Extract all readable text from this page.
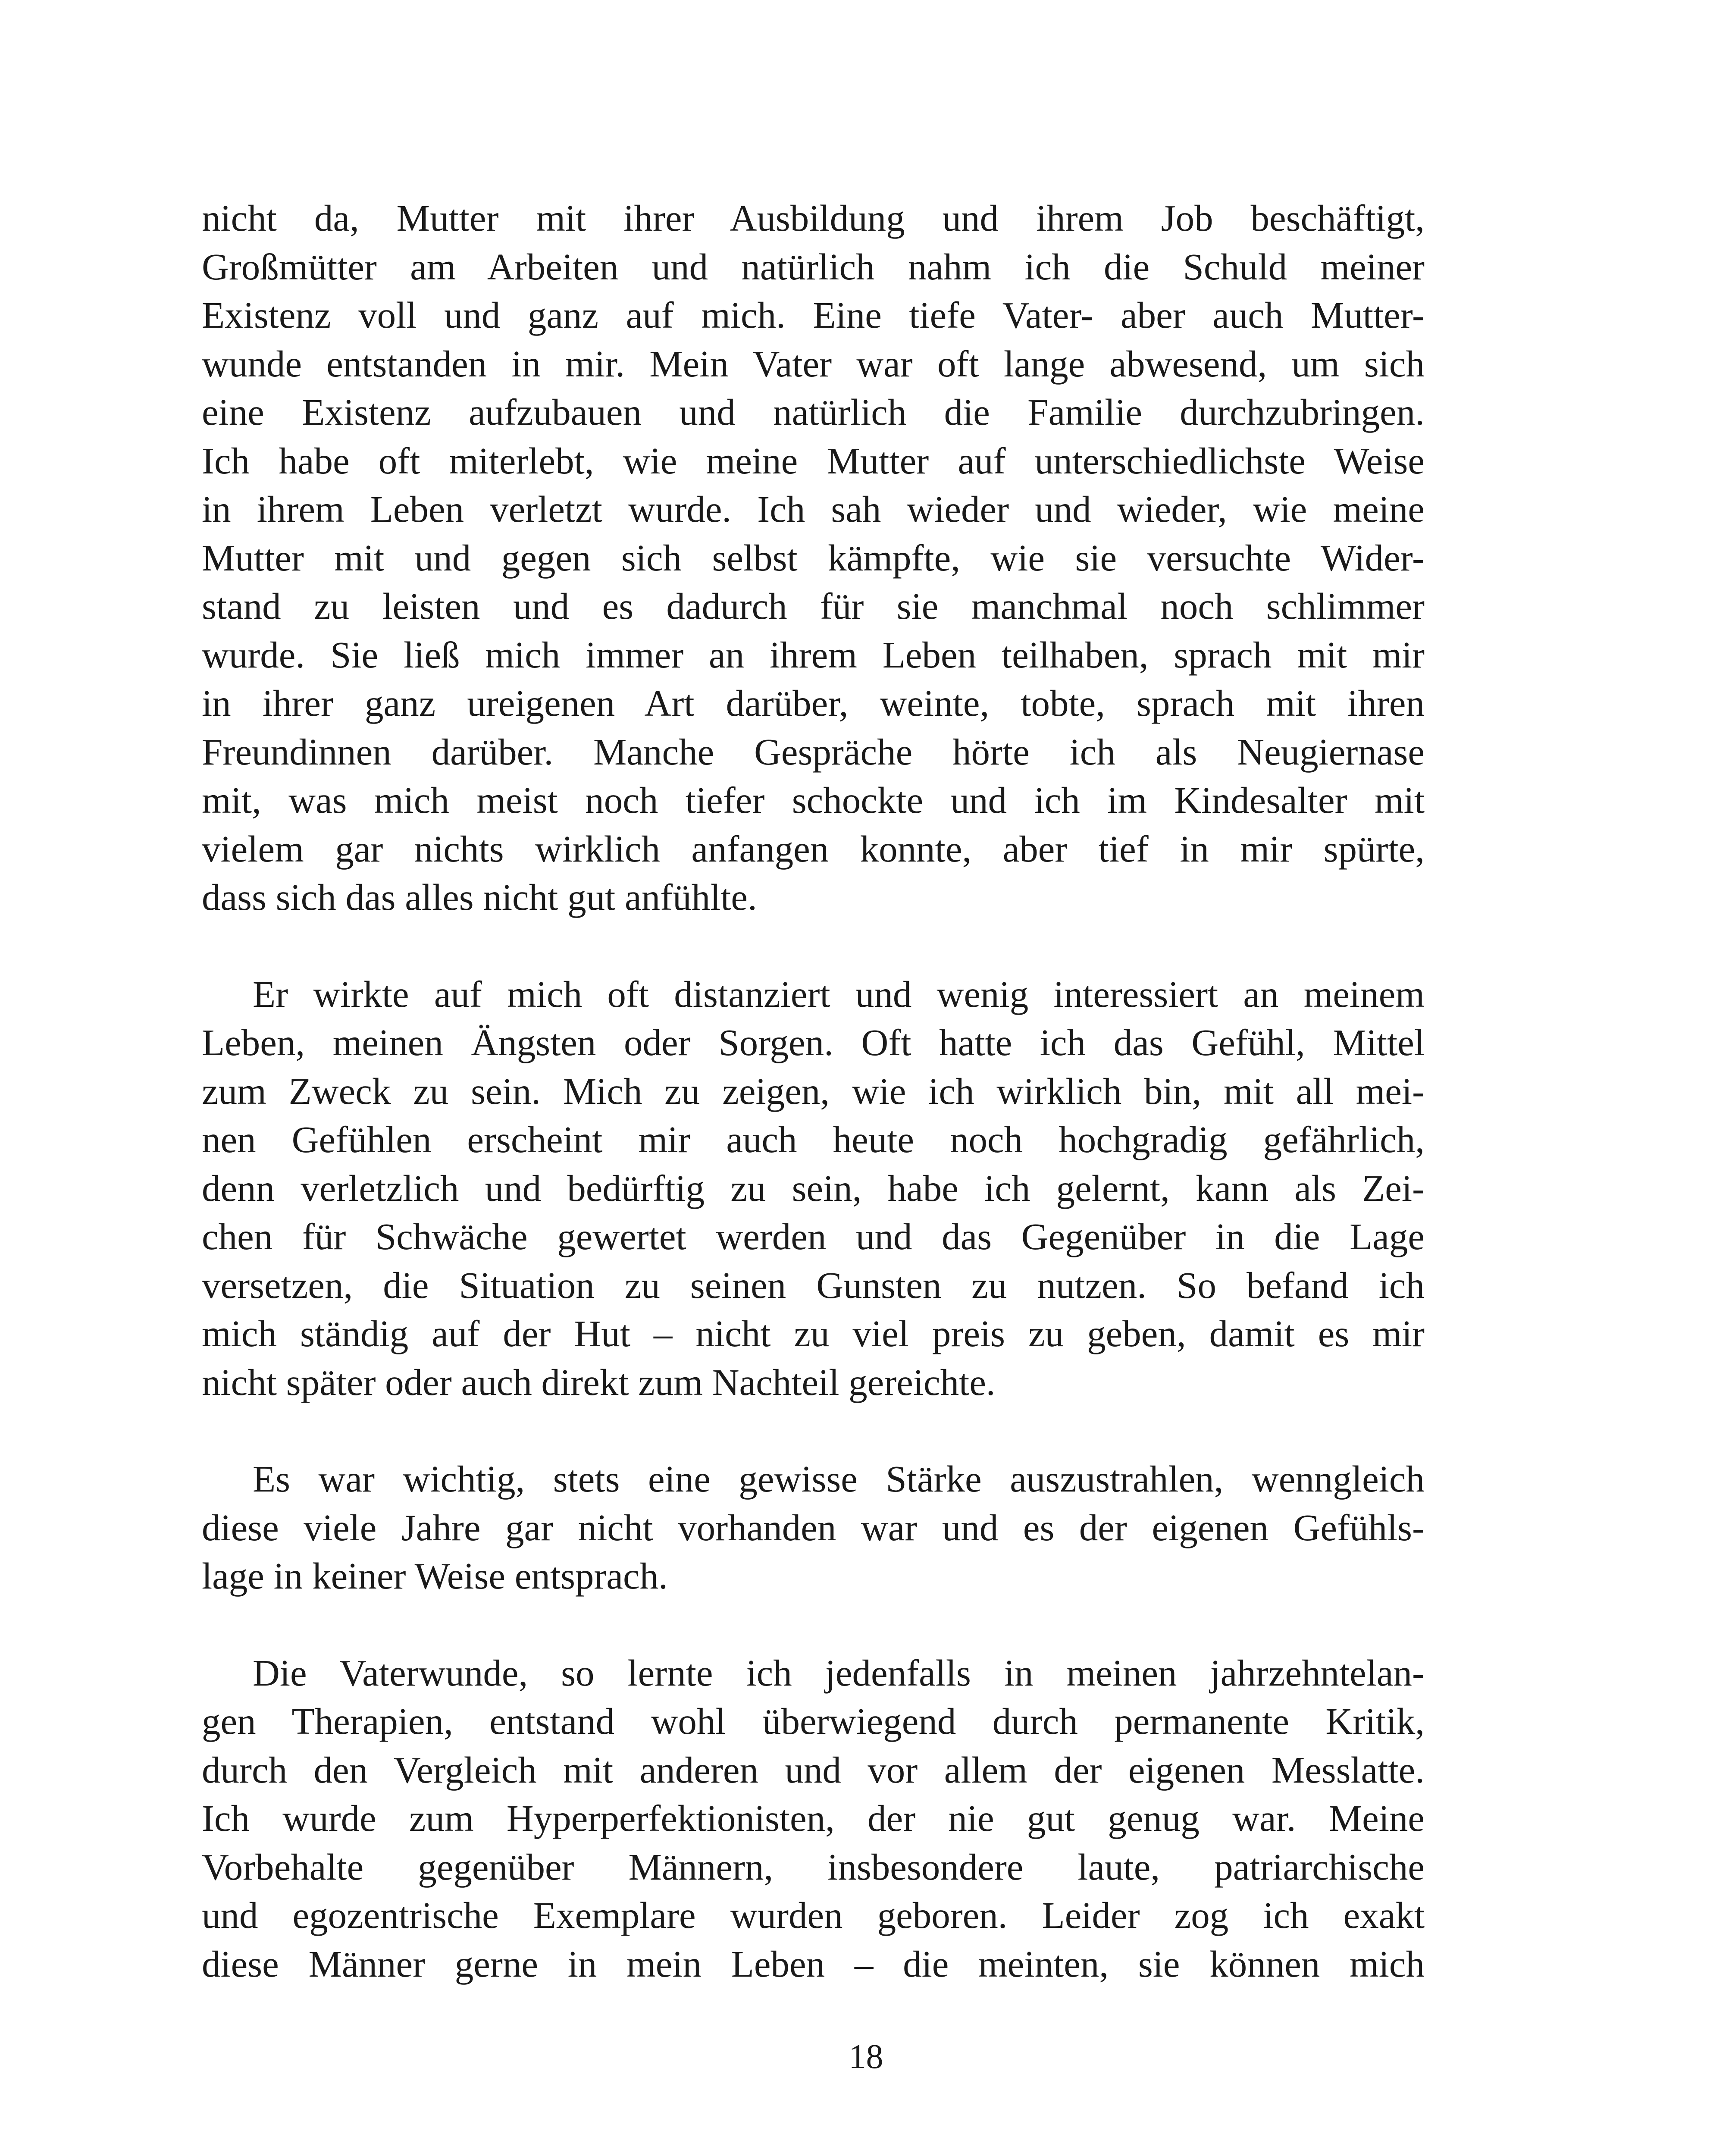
nicht da, Mutter mit ihrer Ausbildung und ihrem Job beschäftigt,
Großmütter am Arbeiten und natürlich nahm ich die Schuld meiner
Existenz voll und ganz auf mich. Eine tiefe Vater- aber auch Mutter-
wunde entstanden in mir. Mein Vater war oft lange abwesend, um sich
eine Existenz aufzubauen und natürlich die Familie durchzubringen.
Ich habe oft miterlebt, wie meine Mutter auf unterschiedlichste Weise
in ihrem Leben verletzt wurde. Ich sah wieder und wieder, wie meine
Mutter mit und gegen sich selbst kämpfte, wie sie versuchte Wider-
stand zu leisten und es dadurch für sie manchmal noch schlimmer
wurde. Sie ließ mich immer an ihrem Leben teilhaben, sprach mit mir
in ihrer ganz ureigenen Art darüber, weinte, tobte, sprach mit ihren
Freundinnen darüber. Manche Gespräche hörte ich als Neugiernase
mit, was mich meist noch tiefer schockte und ich im Kindesalter mit
vielem gar nichts wirklich anfangen konnte, aber tief in mir spürte,
dass sich das alles nicht gut anfühlte.
Er wirkte auf mich oft distanziert und wenig interessiert an meinem
Leben, meinen Ängsten oder Sorgen. Oft hatte ich das Gefühl, Mittel
zum Zweck zu sein. Mich zu zeigen, wie ich wirklich bin, mit all mei-
nen Gefühlen erscheint mir auch heute noch hochgradig gefährlich,
denn verletzlich und bedürftig zu sein, habe ich gelernt, kann als Zei-
chen für Schwäche gewertet werden und das Gegenüber in die Lage
versetzen, die Situation zu seinen Gunsten zu nutzen. So befand ich
mich ständig auf der Hut – nicht zu viel preis zu geben, damit es mir
nicht später oder auch direkt zum Nachteil gereichte.
Es war wichtig, stets eine gewisse Stärke auszustrahlen, wenngleich
diese viele Jahre gar nicht vorhanden war und es der eigenen Gefühls-
lage in keiner Weise entsprach.
Die Vaterwunde, so lernte ich jedenfalls in meinen jahrzehntelan-
gen Therapien, entstand wohl überwiegend durch permanente Kritik,
durch den Vergleich mit anderen und vor allem der eigenen Messlatte.
Ich wurde zum Hyperperfektionisten, der nie gut genug war. Meine
Vorbehalte gegenüber Männern, insbesondere laute, patriarchische
und egozentrische Exemplare wurden geboren. Leider zog ich exakt
diese Männer gerne in mein Leben – die meinten, sie können mich
18
